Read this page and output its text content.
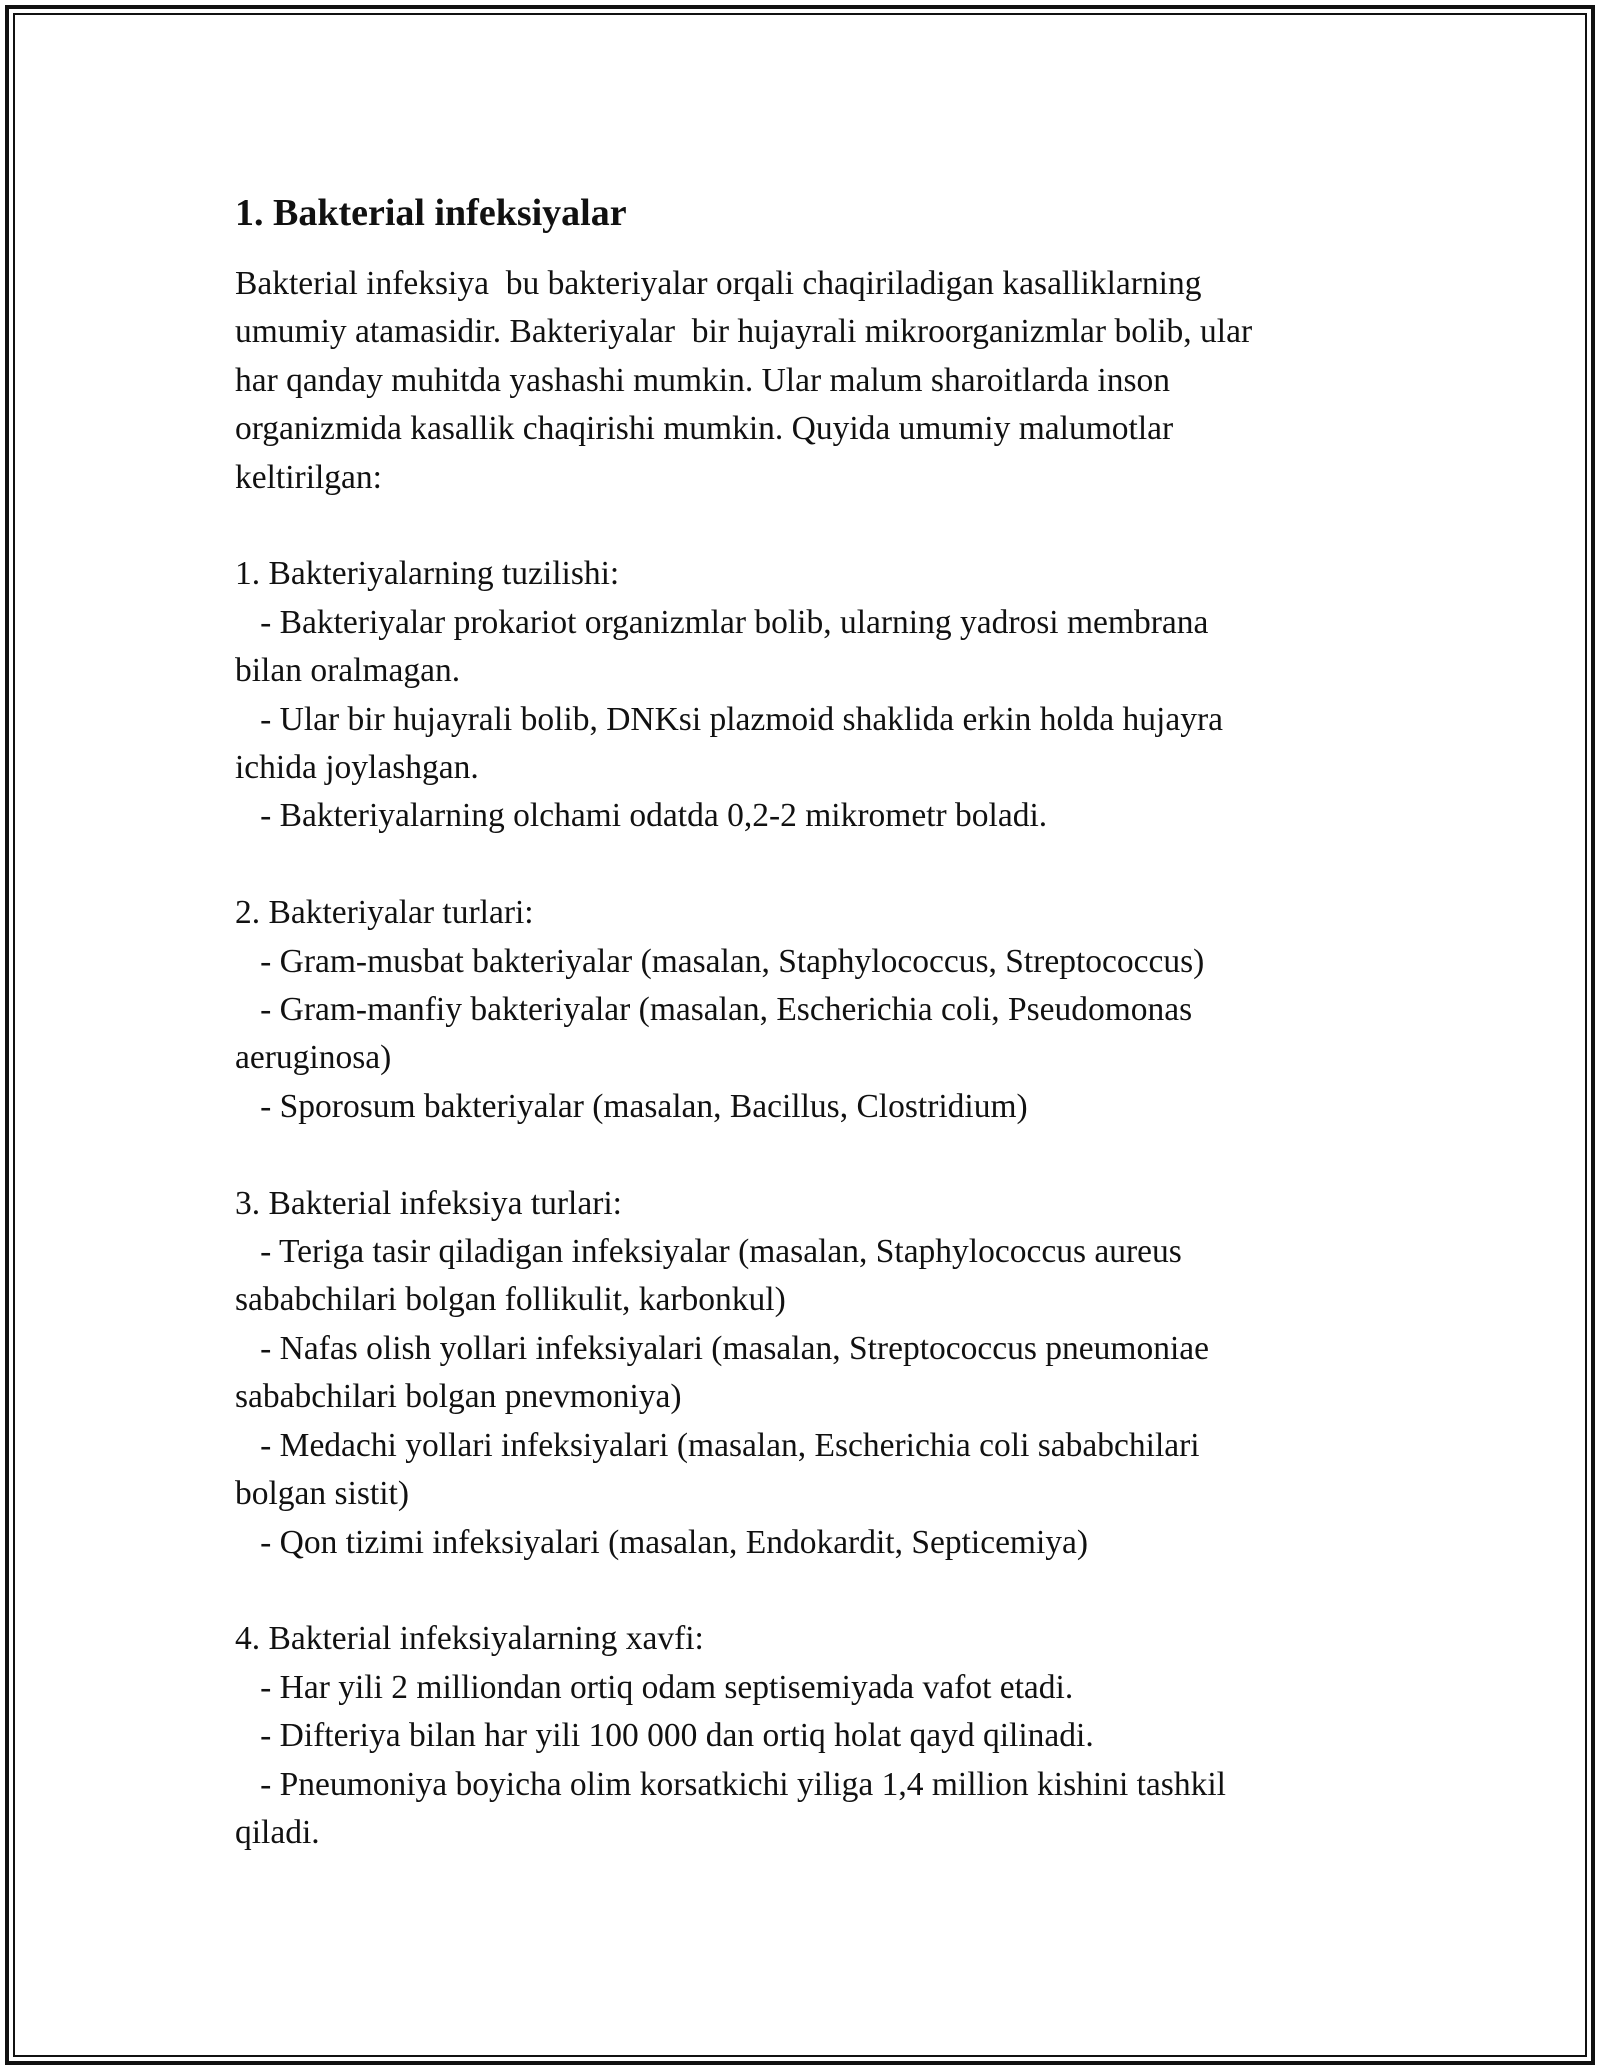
1. Bakterial infeksiyalar
Bakterial infeksiya  bu bakteriyalar orqali chaqiriladigan kasalliklarning
umumiy atamasidir. Bakteriyalar  bir hujayrali mikroorganizmlar bolib, ular
har qanday muhitda yashashi mumkin. Ular malum sharoitlarda inson
organizmida kasallik chaqirishi mumkin. Quyida umumiy malumotlar
keltirilgan:
1. Bakteriyalarning tuzilishi:
- Bakteriyalar prokariot organizmlar bolib, ularning yadrosi membrana
bilan oralmagan.
- Ular bir hujayrali bolib, DNKsi plazmoid shaklida erkin holda hujayra
ichida joylashgan.
- Bakteriyalarning olchami odatda 0,2-2 mikrometr boladi.
2. Bakteriyalar turlari:
- Gram-musbat bakteriyalar (masalan, Staphylococcus, Streptococcus)
- Gram-manfiy bakteriyalar (masalan, Escherichia coli, Pseudomonas
aeruginosa)
- Sporosum bakteriyalar (masalan, Bacillus, Clostridium)
3. Bakterial infeksiya turlari:
- Teriga tasir qiladigan infeksiyalar (masalan, Staphylococcus aureus
sababchilari bolgan follikulit, karbonkul)
- Nafas olish yollari infeksiyalari (masalan, Streptococcus pneumoniae
sababchilari bolgan pnevmoniya)
- Medachi yollari infeksiyalari (masalan, Escherichia coli sababchilari
bolgan sistit)
- Qon tizimi infeksiyalari (masalan, Endokardit, Septicemiya)
4. Bakterial infeksiyalarning xavfi:
- Har yili 2 milliondan ortiq odam septisemiyada vafot etadi.
- Difteriya bilan har yili 100 000 dan ortiq holat qayd qilinadi.
- Pneumoniya boyicha olim korsatkichi yiliga 1,4 million kishini tashkil
qiladi.
